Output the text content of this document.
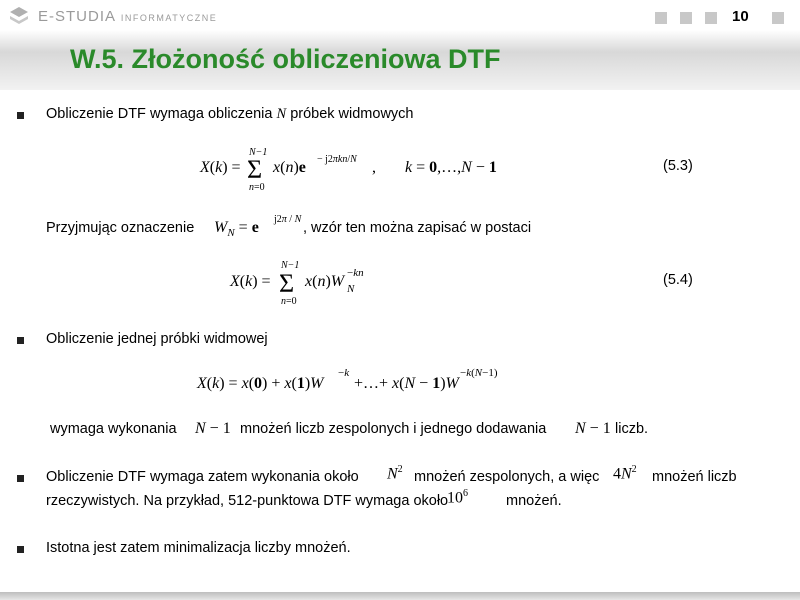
E-STUDIA INFORMATYCZNE	10
W.5. Złożoność obliczeniowa DTF
Obliczenie DTF wymaga obliczenia N próbek widmowych
X(k) =
N−1
Σ
n=0
x(n)e − j2πkn/N , k = 0,…,N − 1	(5.3)
Przyjmując oznaczenie $W_N = e$ j2π / N
, wzór ten można zapisać w postaci
X(k) =
N−1
Σ
n=0
x(n)W N
−kn	(5.4)
Obliczenie jednej próbki widmowej
X(k) = x(0) + x(1)W
−k
+…+ x(N − 1)W
−k(N−1)
wymaga wykonania N − 1 mnożeń liczb zespolonych i jednego dodawania N − 1 liczb.
Obliczenie DTF wymaga zatem wykonania około $N^2$ mnożeń zespolonych, a więc $4N^2$ mnożeń liczb
rzeczywistych. Na przykład, 512-punktowa DTF wymaga około
$10^6$	mnożeń.
Istotna jest zatem minimalizacja liczby mnożeń.
